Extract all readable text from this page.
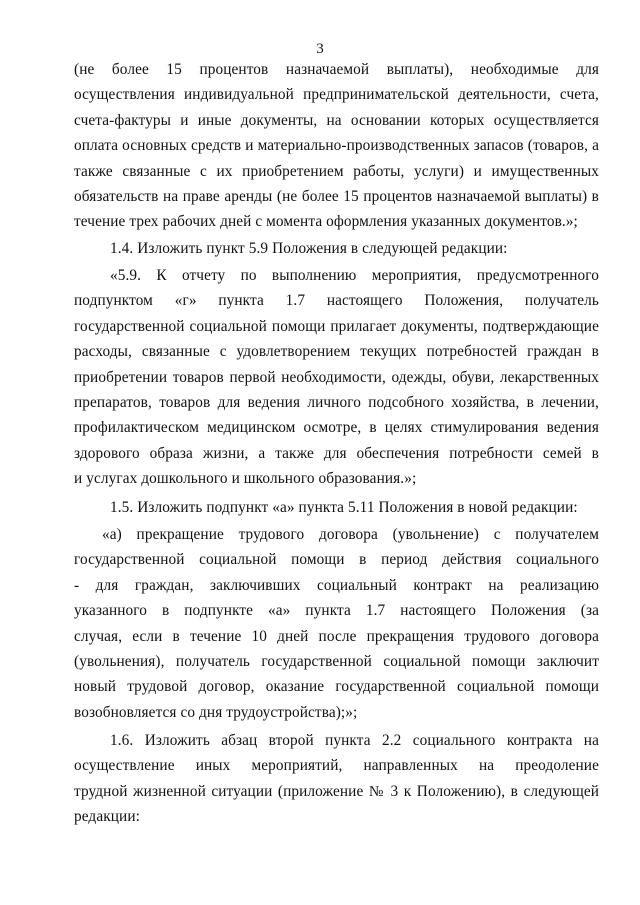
3
(не более 15 процентов назначаемой выплаты), необходимые для
осуществления индивидуальной предпринимательской деятельности, счета,
счета-фактуры и иные документы, на основании которых осуществляется
оплата основных средств и материально-производственных запасов (товаров, а
также связанные с их приобретением работы, услуги) и имущественных
обязательств на праве аренды (не более 15 процентов назначаемой выплаты) в
течение трех рабочих дней с момента оформления указанных документов.»;
1.4. Изложить пункт 5.9 Положения в следующей редакции:
«5.9. К отчету по выполнению мероприятия, предусмотренного
подпунктом «г» пункта 1.7 настоящего Положения, получатель
государственной социальной помощи прилагает документы, подтверждающие
расходы, связанные с удовлетворением текущих потребностей граждан в
приобретении товаров первой необходимости, одежды, обуви, лекарственных
препаратов, товаров для ведения личного подсобного хозяйства, в лечении,
профилактическом медицинском осмотре, в целях стимулирования ведения
здорового образа жизни, а также для обеспечения потребности семей в
и услугах дошкольного и школьного образования.»;
1.5. Изложить подпункт «а» пункта 5.11 Положения в новой редакции:
«а) прекращение трудового договора (увольнение) с получателем
государственной социальной помощи в период действия социального
- для граждан, заключивших социальный контракт на реализацию
указанного в подпункте «а» пункта 1.7 настоящего Положения (за
случая, если в течение 10 дней после прекращения трудового договора
(увольнения), получатель государственной социальной помощи заключит
новый трудовой договор, оказание государственной социальной помощи
возобновляется со дня трудоустройства);»;
1.6. Изложить абзац второй пункта 2.2 социального контракта на
осуществление иных мероприятий, направленных на преодоление
трудной жизненной ситуации (приложение № 3 к Положению), в следующей
редакции:
